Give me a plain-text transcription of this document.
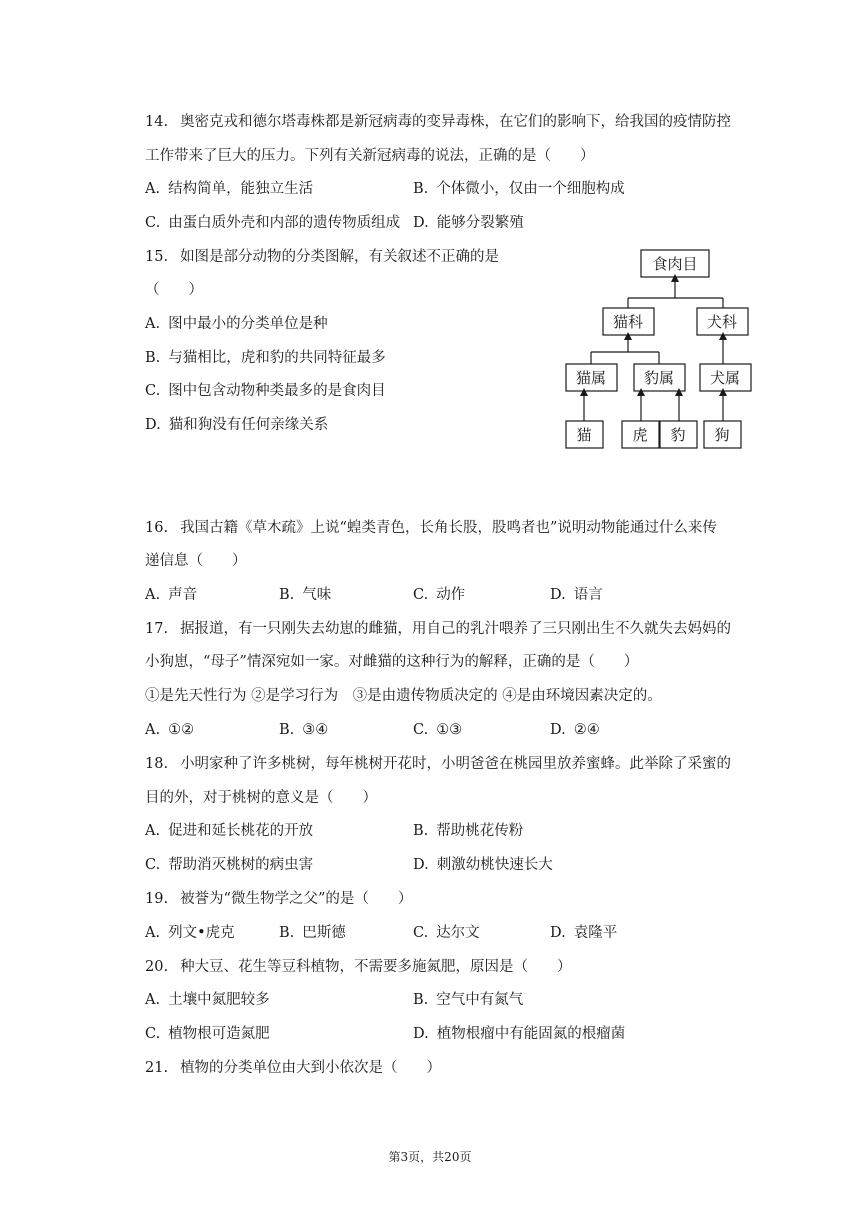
14. 奥密克戎和德尔塔毒株都是新冠病毒的变异毒株，在它们的影响下，给我国的疫情防控
工作带来了巨大的压力。下列有关新冠病毒的说法，正确的是（　　）
A. 结构简单，能独立生活	B. 个体微小，仅由一个细胞构成
C. 由蛋白质外壳和内部的遗传物质组成 D. 能够分裂繁殖
15. 如图是部分动物的分类图解，有关叙述不正确的是
（　　）
A. 图中最小的分类单位是种
B. 与猫相比，虎和豹的共同特征最多
C. 图中包含动物种类最多的是食肉目
D. 猫和狗没有任何亲缘关系
食肉目
猫科	犬科
猫属	豹属 犬属
猫	虎 豹 狗
16. 我国古籍《草木疏》上说“蝗类青色，长角长股，股鸣者也”说明动物能通过什么来传
递信息（　　）
A. 声音	B. 气味	C. 动作	D. 语言
17. 据报道，有一只刚失去幼崽的雌猫，用自己的乳汁喂养了三只刚出生不久就失去妈妈的
小狗崽，“母子”情深宛如一家。对雌猫的这种行为的解释，正确的是（　　）
①是先天性行为 ②是学习行为　③是由遗传物质决定的 ④是由环境因素决定的。
A. ①②	B. ③④	C. ①③	D. ②④
18. 小明家种了许多桃树，每年桃树开花时，小明爸爸在桃园里放养蜜蜂。此举除了采蜜的
目的外，对于桃树的意义是（　　）
A. 促进和延长桃花的开放	B. 帮助桃花传粉
C. 帮助消灭桃树的病虫害	D. 刺激幼桃快速长大
19. 被誉为“微生物学之父”的是（　　）
A. 列文•虎克	B. 巴斯德	C. 达尔文	D. 袁隆平
20. 种大豆、花生等豆科植物，不需要多施氮肥，原因是（　　）
A. 土壤中氮肥较多	B. 空气中有氮气
C. 植物根可造氮肥	D. 植物根瘤中有能固氮的根瘤菌
21. 植物的分类单位由大到小依次是（　　）
第3页，共20页
